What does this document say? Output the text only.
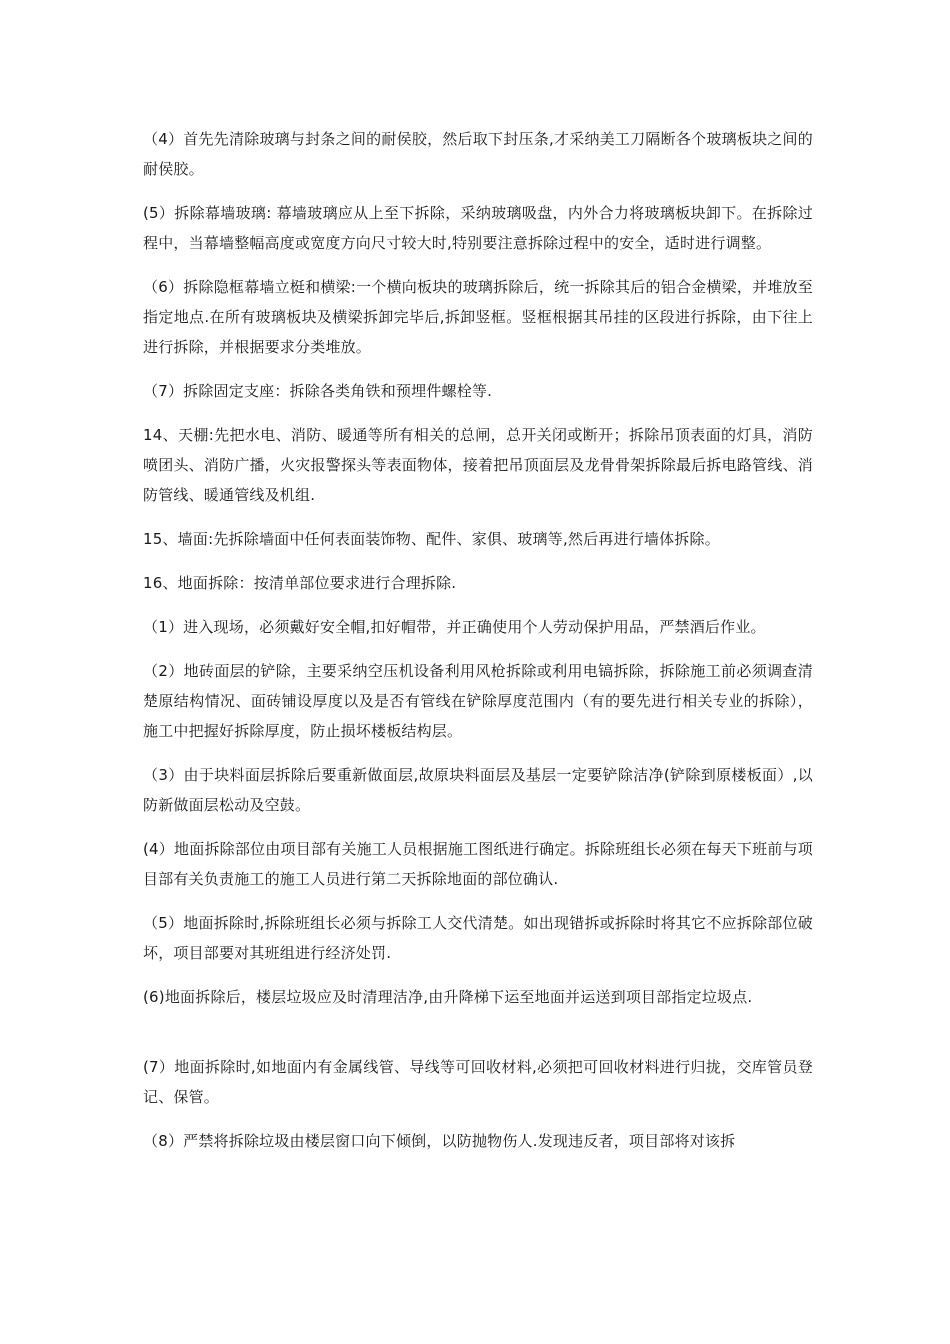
（4）首先先清除玻璃与封条之间的耐侯胶，然后取下封压条,才采纳美工刀隔断各个玻璃板块之间的耐侯胶。

(5）拆除幕墙玻璃: 幕墙玻璃应从上至下拆除，采纳玻璃吸盘，内外合力将玻璃板块卸下。在拆除过程中，当幕墙整幅高度或宽度方向尺寸较大时,特别要注意拆除过程中的安全，适时进行调整。

（6）拆除隐框幕墙立梃和横梁:一个横向板块的玻璃拆除后，统一拆除其后的铝合金横梁，并堆放至指定地点.在所有玻璃板块及横梁拆卸完毕后,拆卸竖框。竖框根据其吊挂的区段进行拆除，由下往上进行拆除，并根据要求分类堆放。

（7）拆除固定支座：拆除各类角铁和预埋件螺栓等.

14、天棚:先把水电、消防、暖通等所有相关的总闸，总开关闭或断开；拆除吊顶表面的灯具，消防喷团头、消防广播，火灾报警探头等表面物体，接着把吊顶面层及龙骨骨架拆除最后拆电路管线、消防管线、暖通管线及机组.

15、墙面:先拆除墙面中任何表面装饰物、配件、家俱、玻璃等,然后再进行墙体拆除。

16、地面拆除：按清单部位要求进行合理拆除.

（1）进入现场，必须戴好安全帽,扣好帽带，并正确使用个人劳动保护用品，严禁酒后作业。

（2）地砖面层的铲除，主要采纳空压机设备利用风枪拆除或利用电镐拆除，拆除施工前必须调查清楚原结构情况、面砖铺设厚度以及是否有管线在铲除厚度范围内（有的要先进行相关专业的拆除），施工中把握好拆除厚度，防止损坏楼板结构层。

（3）由于块料面层拆除后要重新做面层,故原块料面层及基层一定要铲除洁净(铲除到原楼板面）,以防新做面层松动及空鼓。

(4）地面拆除部位由项目部有关施工人员根据施工图纸进行确定。拆除班组长必须在每天下班前与项目部有关负责施工的施工人员进行第二天拆除地面的部位确认.

（5）地面拆除时,拆除班组长必须与拆除工人交代清楚。如出现错拆或拆除时将其它不应拆除部位破坏，项目部要对其班组进行经济处罚.

(6)地面拆除后，楼层垃圾应及时清理洁净,由升降梯下运至地面并运送到项目部指定垃圾点.

(7）地面拆除时,如地面内有金属线管、导线等可回收材料,必须把可回收材料进行归拢，交库管员登记、保管。

（8）严禁将拆除垃圾由楼层窗口向下倾倒，以防抛物伤人.发现违反者，项目部将对该拆
